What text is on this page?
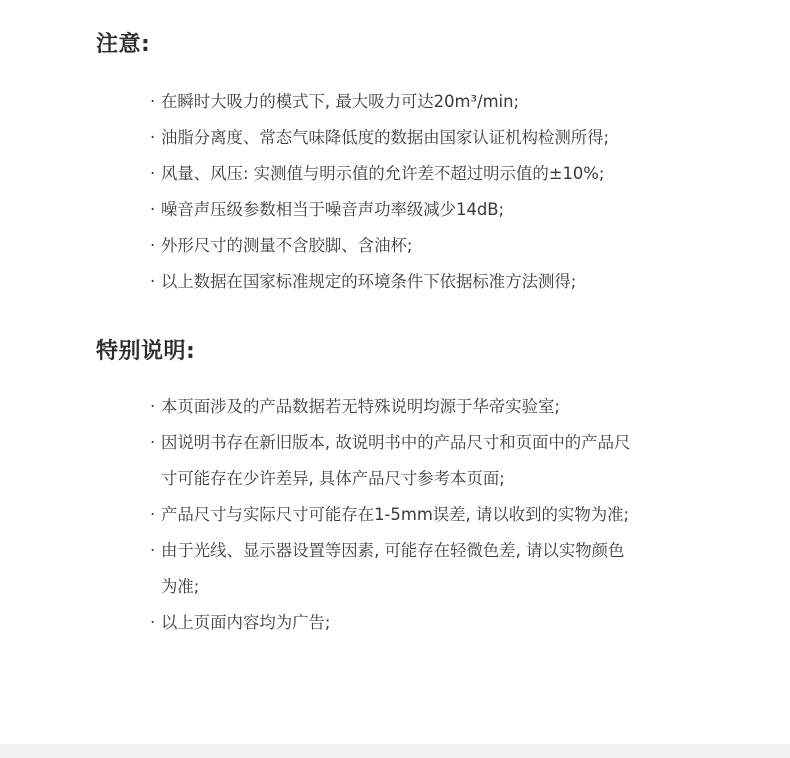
注意:
· 在瞬时大吸力的模式下, 最大吸力可达20m³/min;
· 油脂分离度、常态气味降低度的数据由国家认证机构检测所得;
· 风量、风压: 实测值与明示值的允许差不超过明示值的±10%;
· 噪音声压级参数相当于噪音声功率级减少14dB;
· 外形尺寸的测量不含胶脚、含油杯;
· 以上数据在国家标准规定的环境条件下依据标准方法测得;
特别说明:
· 本页面涉及的产品数据若无特殊说明均源于华帝实验室;
· 因说明书存在新旧版本, 故说明书中的产品尺寸和页面中的产品尺寸可能存在少许差异, 具体产品尺寸参考本页面;
· 产品尺寸与实际尺寸可能存在1-5mm误差, 请以收到的实物为准;
· 由于光线、显示器设置等因素, 可能存在轻微色差, 请以实物颜色为准;
· 以上页面内容均为广告;
